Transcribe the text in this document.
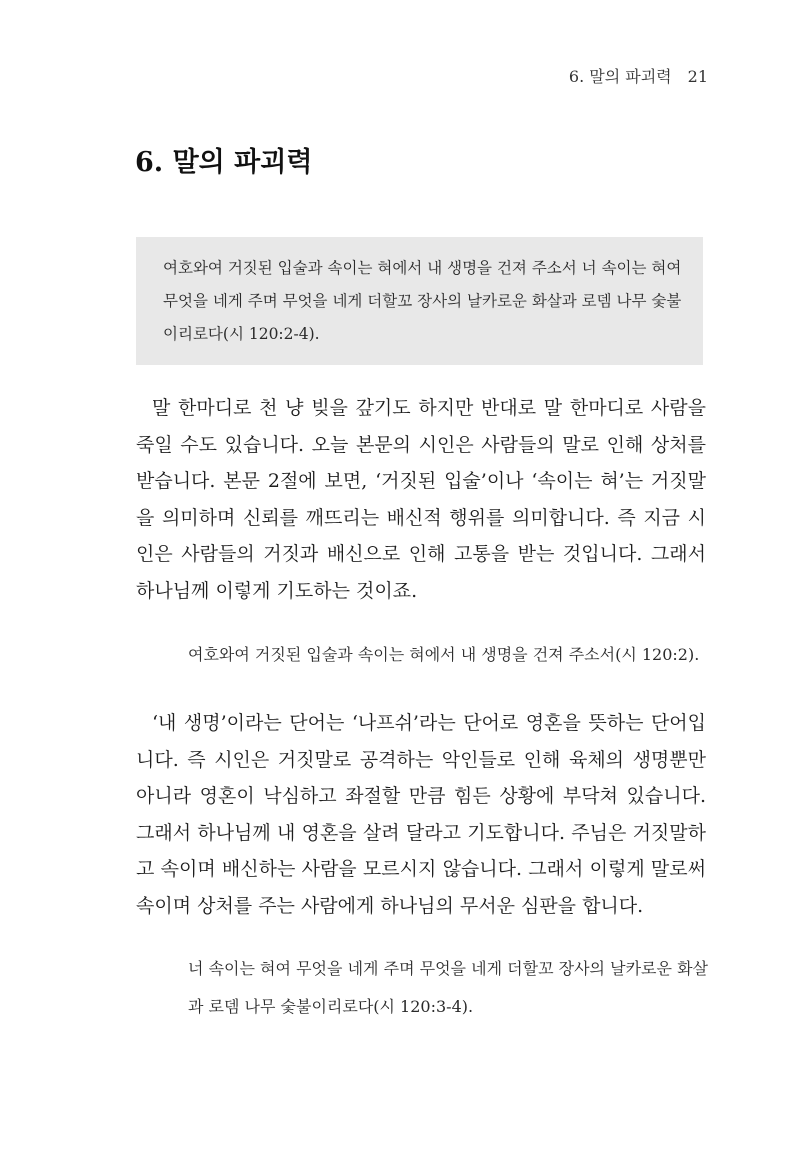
6. 말의 파괴력 21
6. 말의 파괴력

여호와여 거짓된 입술과 속이는 혀에서 내 생명을 건져 주소서 너 속이는 혀여 무엇을 네게 주며 무엇을 네게 더할꼬 장사의 날카로운 화살과 로뎀 나무 숯불이리로다(시 120:2-4).

말 한마디로 천 냥 빚을 갚기도 하지만 반대로 말 한마디로 사람을 죽일 수도 있습니다. 오늘 본문의 시인은 사람들의 말로 인해 상처를 받습니다. 본문 2절에 보면, ‘거짓된 입술’이나 ‘속이는 혀’는 거짓말을 의미하며 신뢰를 깨뜨리는 배신적 행위를 의미합니다. 즉 지금 시인은 사람들의 거짓과 배신으로 인해 고통을 받는 것입니다. 그래서 하나님께 이렇게 기도하는 것이죠.

여호와여 거짓된 입술과 속이는 혀에서 내 생명을 건져 주소서(시 120:2).

‘내 생명’이라는 단어는 ‘나프쉬’라는 단어로 영혼을 뜻하는 단어입니다. 즉 시인은 거짓말로 공격하는 악인들로 인해 육체의 생명뿐만 아니라 영혼이 낙심하고 좌절할 만큼 힘든 상황에 부닥쳐 있습니다. 그래서 하나님께 내 영혼을 살려 달라고 기도합니다. 주님은 거짓말하고 속이며 배신하는 사람을 모르시지 않습니다. 그래서 이렇게 말로써 속이며 상처를 주는 사람에게 하나님의 무서운 심판을 합니다.

너 속이는 혀여 무엇을 네게 주며 무엇을 네게 더할꼬 장사의 날카로운 화살과 로뎀 나무 숯불이리로다(시 120:3-4).
